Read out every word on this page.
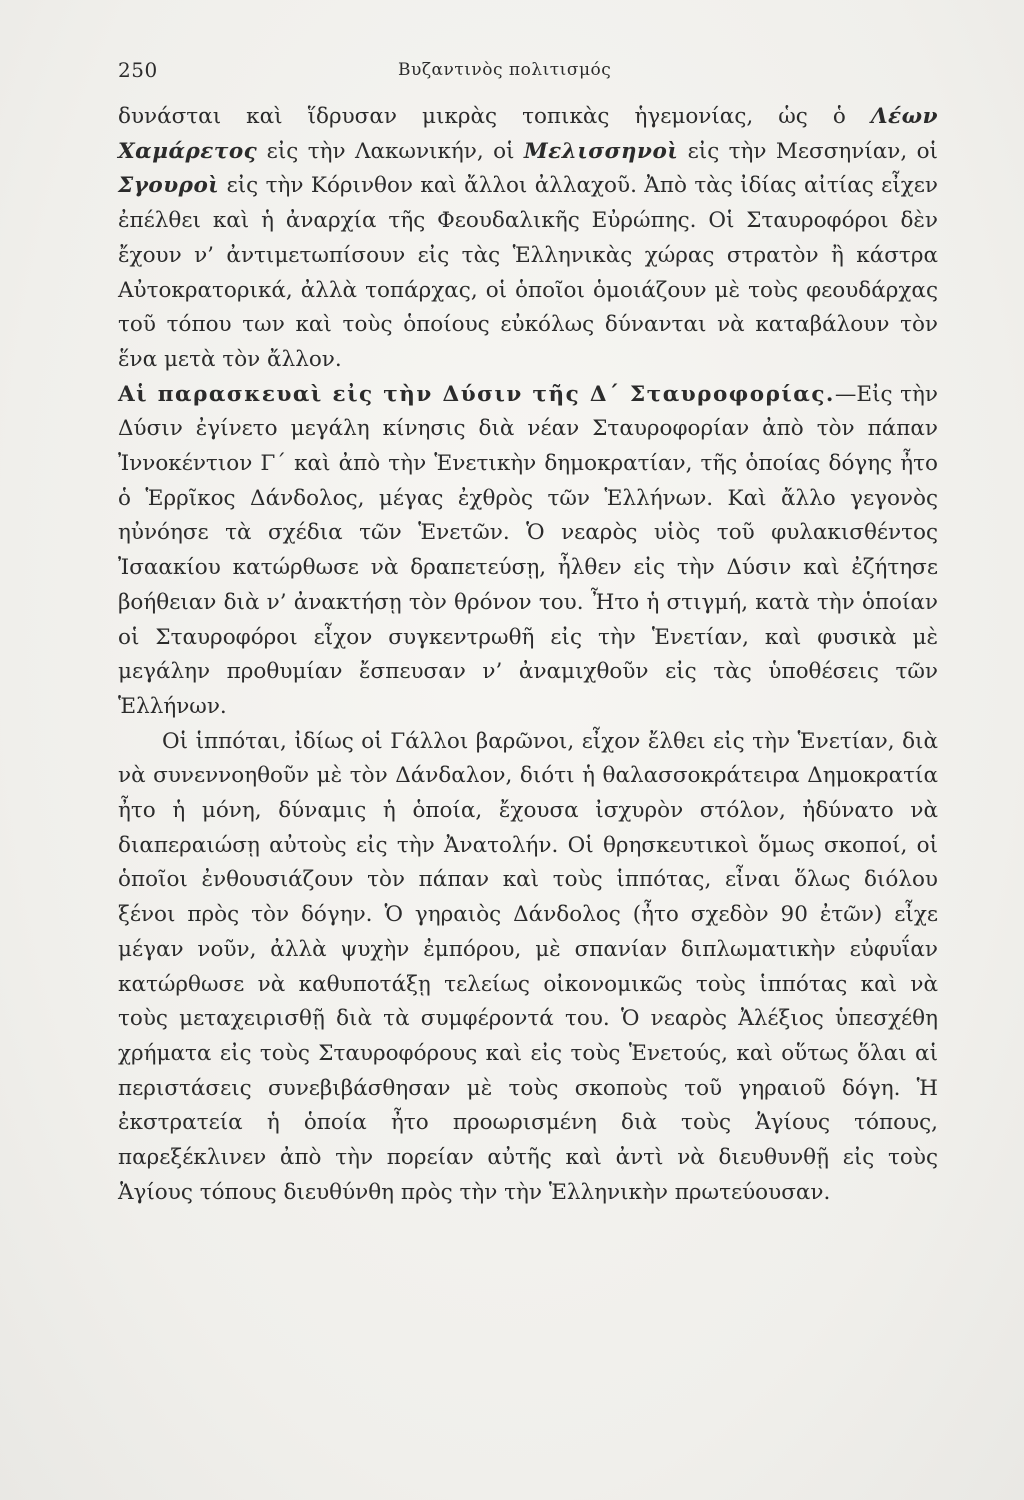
250	Βυζαντινὸς πολιτισμός

δυνάσται καὶ ἵδρυσαν μικρὰς τοπικὰς ἡγεμονίας, ὡς ὁ Λέων Χαμάρετος εἰς τὴν Λακωνικήν, οἱ Μελισσηνοὶ εἰς τὴν Μεσσηνίαν, οἱ Σγουροὶ εἰς τὴν Κόρινθον καὶ ἄλλοι ἀλλαχοῦ. Ἀπὸ τὰς ἰδίας αἰτίας εἶχεν ἐπέλθει καὶ ἡ ἀναρχία τῆς Φεουδαλικῆς Εὐρώπης. Οἱ Σταυροφόροι δὲν ἔχουν ν’ ἀντιμετωπίσουν εἰς τὰς Ἑλληνικὰς χώρας στρατὸν ἢ κάστρα Αὐτοκρατορικά, ἀλλὰ τοπάρχας, οἱ ὁποῖοι ὁμοιάζουν μὲ τοὺς φεουδάρχας τοῦ τόπου των καὶ τοὺς ὁποίους εὐκόλως δύνανται νὰ καταβάλουν τὸν ἕνα μετὰ τὸν ἄλλον.

Αἱ παρασκευαὶ εἰς τὴν Δύσιν τῆς Δ΄ Σταυροφορίας.—Εἰς τὴν Δύσιν ἐγίνετο μεγάλη κίνησις διὰ νέαν Σταυροφορίαν ἀπὸ τὸν πάπαν Ἰννοκέντιον Γ΄ καὶ ἀπὸ τὴν Ἑνετικὴν δημοκρατίαν, τῆς ὁποίας δόγης ἦτο ὁ Ἑρρῖκος Δάνδολος, μέγας ἐχθρὸς τῶν Ἑλλήνων. Καὶ ἄλλο γεγονὸς ηὐνόησε τὰ σχέδια τῶν Ἑνετῶν. Ὁ νεαρὸς υἱὸς τοῦ φυλακισθέντος Ἰσαακίου κατώρθωσε νὰ δραπετεύσῃ, ἦλθεν εἰς τὴν Δύσιν καὶ ἐζήτησε βοήθειαν διὰ ν’ ἀνακτήσῃ τὸν θρόνον του. Ἦτο ἡ στιγμή, κατὰ τὴν ὁποίαν οἱ Σταυροφόροι εἶχον συγκεντρωθῆ εἰς τὴν Ἑνετίαν, καὶ φυσικὰ μὲ μεγάλην προθυμίαν ἔσπευσαν ν’ ἀναμιχθοῦν εἰς τὰς ὑποθέσεις τῶν Ἑλλήνων.

Οἱ ἱππόται, ἰδίως οἱ Γάλλοι βαρῶνοι, εἶχον ἔλθει εἰς τὴν Ἑνετίαν, διὰ νὰ συνεννοηθοῦν μὲ τὸν Δάνδαλον, διότι ἡ θαλασσοκράτειρα Δημοκρατία ἦτο ἡ μόνη, δύναμις ἡ ὁποία, ἔχουσα ἰσχυρὸν στόλον, ἠδύνατο νὰ διαπεραιώσῃ αὐτοὺς εἰς τὴν Ἀνατολήν. Οἱ θρησκευτικοὶ ὅμως σκοποί, οἱ ὁποῖοι ἐνθουσιάζουν τὸν πάπαν καὶ τοὺς ἱππότας, εἶναι ὅλως διόλου ξένοι πρὸς τὸν δόγην. Ὁ γηραιὸς Δάνδολος (ἦτο σχεδὸν 90 ἐτῶν) εἶχε μέγαν νοῦν, ἀλλὰ ψυχὴν ἐμπόρου, μὲ σπανίαν διπλωματικὴν εὐφυΐαν κατώρθωσε νὰ καθυποτάξῃ τελείως οἰκονομικῶς τοὺς ἱππότας καὶ νὰ τοὺς μεταχειρισθῇ διὰ τὰ συμφέροντά του. Ὁ νεαρὸς Ἀλέξιος ὑπεσχέθη χρήματα εἰς τοὺς Σταυροφόρους καὶ εἰς τοὺς Ἑνετούς, καὶ οὕτως ὅλαι αἱ περιστάσεις συνεβιβάσθησαν μὲ τοὺς σκοποὺς τοῦ γηραιοῦ δόγη. Ἡ ἐκστρατεία ἡ ὁποία ἦτο προωρισμένη διὰ τοὺς Ἁγίους τόπους, παρεξέκλινεν ἀπὸ τὴν πορείαν αὐτῆς καὶ ἀντὶ νὰ διευθυνθῇ εἰς τοὺς Ἁγίους τόπους διευθύνθη πρὸς τὴν τὴν Ἑλληνικὴν πρωτεύουσαν.
